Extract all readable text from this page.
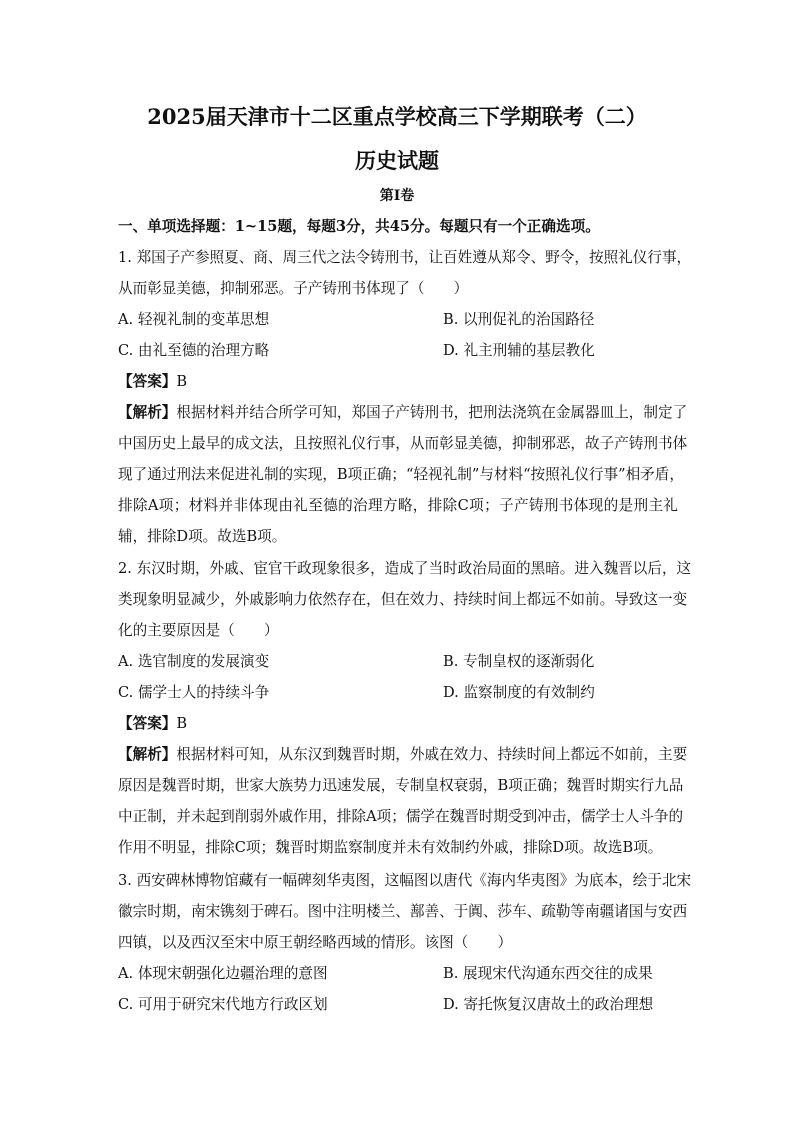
2025届天津市十二区重点学校高三下学期联考（二）
历史试题
第Ⅰ卷
一、单项选择题：1~15题，每题3分，共45分。每题只有一个正确选项。
1. 郑国子产参照夏、商、周三代之法令铸刑书，让百姓遵从郑令、野令，按照礼仪行事，
从而彰显美德，抑制邪恶。子产铸刑书体现了（　　）
A. 轻视礼制的变革思想	B. 以刑促礼的治国路径
C. 由礼至德的治理方略	D. 礼主刑辅的基层教化
【答案】B
【解析】根据材料并结合所学可知，郑国子产铸刑书，把刑法浇筑在金属器皿上，制定了
中国历史上最早的成文法，且按照礼仪行事，从而彰显美德，抑制邪恶，故子产铸刑书体
现了通过刑法来促进礼制的实现，B项正确；“轻视礼制”与材料“按照礼仪行事”相矛盾，
排除A项；材料并非体现由礼至德的治理方略，排除C项；子产铸刑书体现的是刑主礼
辅，排除D项。故选B项。
2. 东汉时期，外戚、宦官干政现象很多，造成了当时政治局面的黑暗。进入魏晋以后，这
类现象明显减少，外戚影响力依然存在，但在效力、持续时间上都远不如前。导致这一变
化的主要原因是（　　）
A. 选官制度的发展演变	B. 专制皇权的逐渐弱化
C. 儒学士人的持续斗争	D. 监察制度的有效制约
【答案】B
【解析】根据材料可知，从东汉到魏晋时期，外戚在效力、持续时间上都远不如前，主要
原因是魏晋时期，世家大族势力迅速发展，专制皇权衰弱，B项正确；魏晋时期实行九品
中正制，并未起到削弱外戚作用，排除A项；儒学在魏晋时期受到冲击，儒学士人斗争的
作用不明显，排除C项；魏晋时期监察制度并未有效制约外戚，排除D项。故选B项。
3. 西安碑林博物馆藏有一幅碑刻华夷图，这幅图以唐代《海内华夷图》为底本，绘于北宋
徽宗时期，南宋镌刻于碑石。图中注明楼兰、鄯善、于阗、莎车、疏勒等南疆诸国与安西
四镇，以及西汉至宋中原王朝经略西域的情形。该图（　　）
A. 体现宋朝强化边疆治理的意图	B. 展现宋代沟通东西交往的成果
C. 可用于研究宋代地方行政区划	D. 寄托恢复汉唐故土的政治理想
